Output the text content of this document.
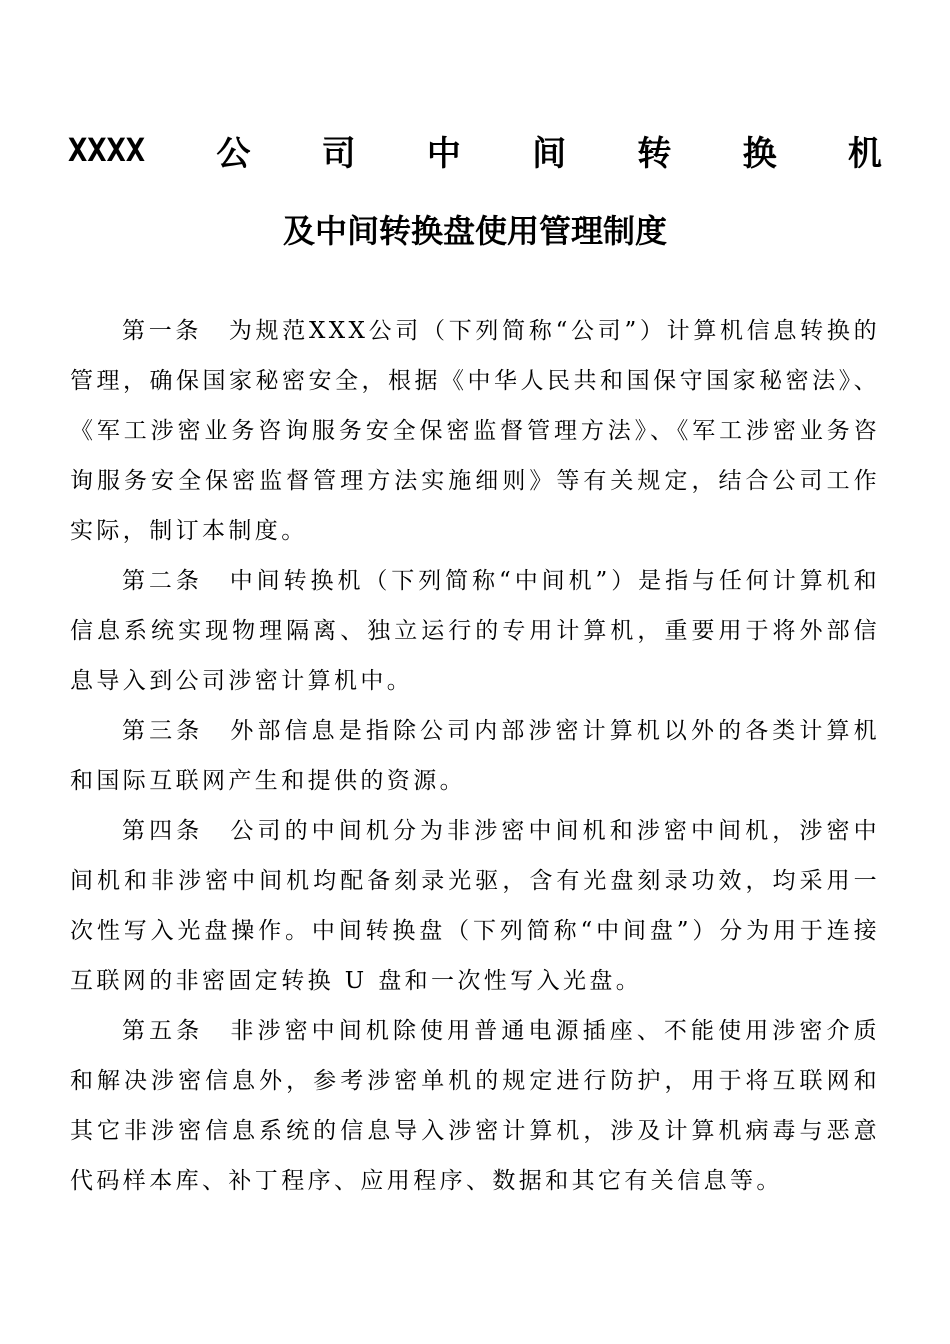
XXXX 公 司 中 间 转 换 机
及中间转换盘使用管理制度

第一条　为规范XXX公司（下列简称“公司”）计算机信息转换的管理，确保国家秘密安全，根据《中华人民共和国保守国家秘密法》、《军工涉密业务咨询服务安全保密监督管理方法》、《军工涉密业务咨询服务安全保密监督管理方法实施细则》等有关规定，结合公司工作实际，制订本制度。

第二条　中间转换机（下列简称“中间机”）是指与任何计算机和信息系统实现物理隔离、独立运行的专用计算机，重要用于将外部信息导入到公司涉密计算机中。

第三条　外部信息是指除公司内部涉密计算机以外的各类计算机和国际互联网产生和提供的资源。

第四条　公司的中间机分为非涉密中间机和涉密中间机，涉密中间机和非涉密中间机均配备刻录光驱，含有光盘刻录功效，均采用一次性写入光盘操作。中间转换盘（下列简称“中间盘”）分为用于连接互联网的非密固定转换 U 盘和一次性写入光盘。

第五条　非涉密中间机除使用普通电源插座、不能使用涉密介质和解决涉密信息外，参考涉密单机的规定进行防护，用于将互联网和其它非涉密信息系统的信息导入涉密计算机，涉及计算机病毒与恶意代码样本库、补丁程序、应用程序、数据和其它有关信息等。
